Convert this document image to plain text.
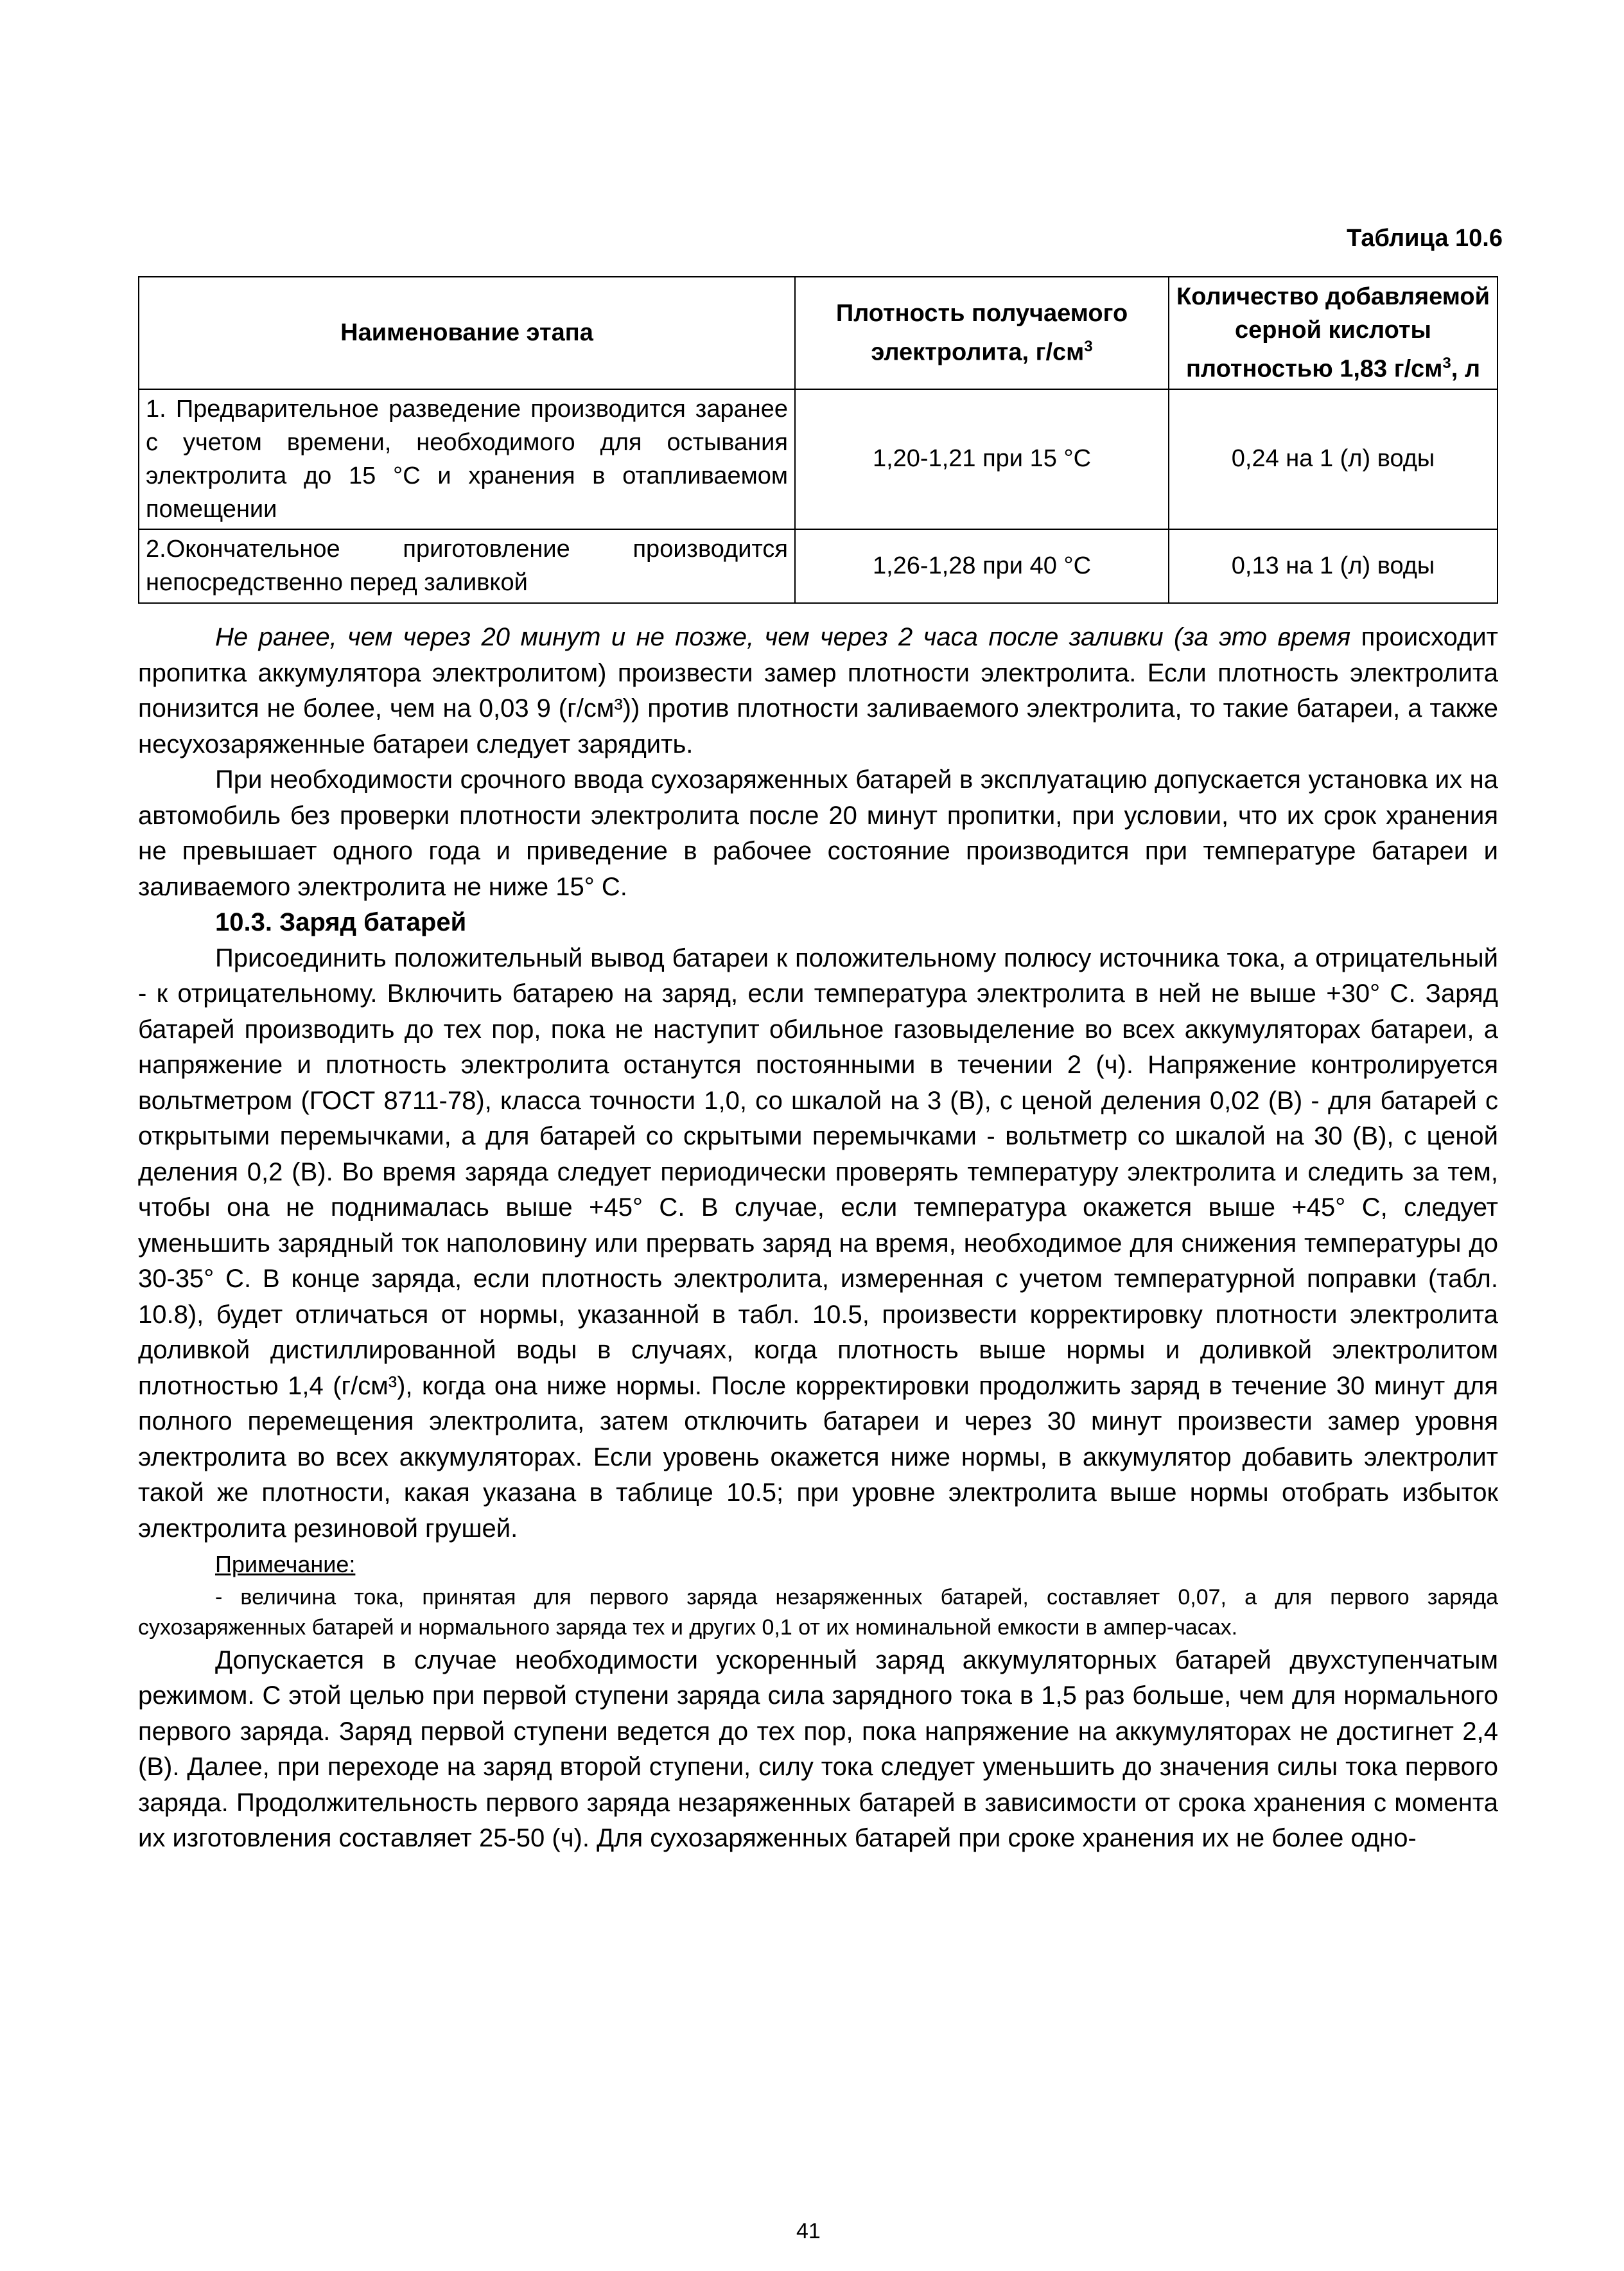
Таблица 10.6
Наименование этапа	Плотность получаемого электролита, $г/см^3$	Количество добавляемой серной кислоты плотностью 1,83 $г/см^3$, л
1. Предварительное разведение производится заранее с учетом времени, необходимого для остывания электролита до 15 °С и хранения в отапливаемом помещении	1,20-1,21 при 15 °С	0,24 на 1 (л) воды
2.Окончательное приготовление производится непосредственно перед заливкой	1,26-1,28 при 40 °С	0,13 на 1 (л) воды

Не ранее, чем через 20 минут и не позже, чем через 2 часа после заливки (за это время происходит пропитка аккумулятора электролитом) произвести замер плотности электролита. Если плотность электролита понизится не более, чем на 0,03 9 (г/см³)) против плотности заливаемого электролита, то такие батареи, а также несухозаряженные батареи следует зарядить.

При необходимости срочного ввода сухозаряженных батарей в эксплуатацию допускается установка их на автомобиль без проверки плотности электролита после 20 минут пропитки, при условии, что их срок хранения не превышает одного года и приведение в рабочее состояние производится при температуре батареи и заливаемого электролита не ниже 15° С.

10.3. Заряд батарей

Присоединить положительный вывод батареи к положительному полюсу источника тока, а отрицательный - к отрицательному. Включить батарею на заряд, если температура электролита в ней не выше +30° С. Заряд батарей производить до тех пор, пока не наступит обильное газовыделение во всех аккумуляторах батареи, а напряжение и плотность электролита останутся постоянными в течении 2 (ч). Напряжение контролируется вольтметром (ГОСТ 8711-78), класса точности 1,0, со шкалой на 3 (В), с ценой деления 0,02 (В) - для батарей с открытыми перемычками, а для батарей со скрытыми перемычками - вольтметр со шкалой на 30 (В), с ценой деления 0,2 (В). Во время заряда следует периодически проверять температуру электролита и следить за тем, чтобы она не поднималась выше +45° С. В случае, если температура окажется выше +45° С, следует уменьшить зарядный ток наполовину или прервать заряд на время, необходимое для снижения температуры до 30-35° С. В конце заряда, если плотность электролита, измеренная с учетом температурной поправки (табл. 10.8), будет отличаться от нормы, указанной в табл. 10.5, произвести корректировку плотности электролита доливкой дистиллированной воды в случаях, когда плотность выше нормы и доливкой электролитом плотностью 1,4 (г/см³), когда она ниже нормы. После корректировки продолжить заряд в течение 30 минут для полного перемещения электролита, затем отключить батареи и через 30 минут произвести замер уровня электролита во всех аккумуляторах. Если уровень окажется ниже нормы, в аккумулятор добавить электролит такой же плотности, какая указана в таблице 10.5; при уровне электролита выше нормы отобрать избыток электролита резиновой грушей.

Примечание:

- величина тока, принятая для первого заряда незаряженных батарей, составляет 0,07, а для первого заряда сухозаряженных батарей и нормального заряда тех и других 0,1 от их номинальной емкости в ампер-часах.

Допускается в случае необходимости ускоренный заряд аккумуляторных батарей двухступенчатым режимом. С этой целью при первой ступени заряда сила зарядного тока в 1,5 раз больше, чем для нормального первого заряда. Заряд первой ступени ведется до тех пор, пока напряжение на аккумуляторах не достигнет 2,4 (В). Далее, при переходе на заряд второй ступени, силу тока следует уменьшить до значения силы тока первого заряда. Продолжительность первого заряда незаряженных батарей в зависимости от срока хранения с момента их изготовления составляет 25-50 (ч). Для сухозаряженных батарей при сроке хранения их не более одно-

41
